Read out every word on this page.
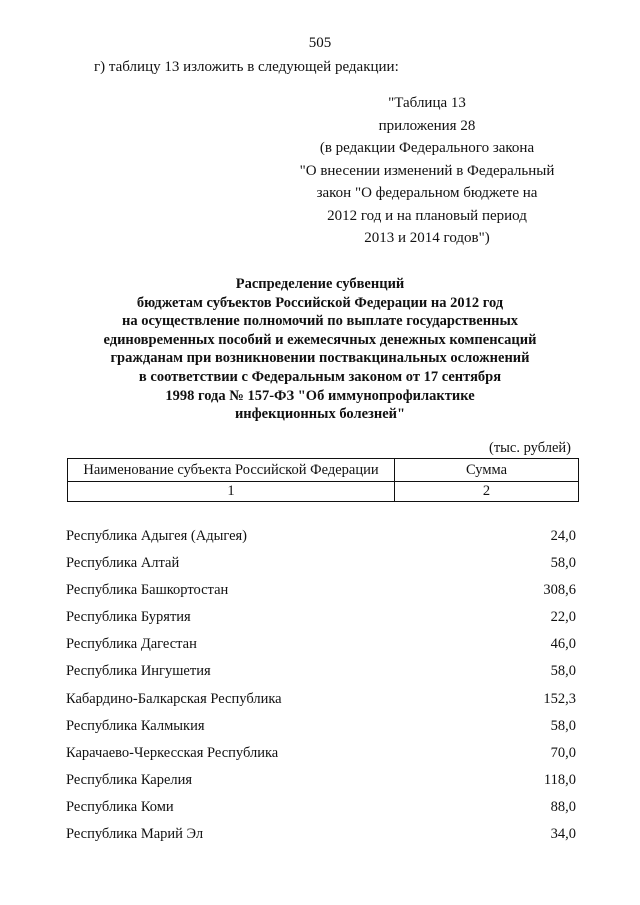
505
г) таблицу 13 изложить в следующей редакции:
"Таблица 13
приложения 28
(в редакции Федерального закона
"О внесении изменений в Федеральный
закон "О федеральном бюджете на
2012 год и на плановый период
2013 и 2014 годов")
Распределение субвенций
бюджетам субъектов Российской Федерации на 2012 год
на осуществление полномочий по выплате государственных
единовременных пособий и ежемесячных денежных компенсаций
гражданам при возникновении поствакцинальных осложнений
в соответствии с Федеральным законом от 17 сентября
1998 года № 157-ФЗ "Об иммунопрофилактике
инфекционных болезней"
(тыс. рублей)
Наименование субъекта Российской Федерации	Сумма
1	2
Республика Адыгея (Адыгея)	24,0
Республика Алтай	58,0
Республика Башкортостан	308,6
Республика Бурятия	22,0
Республика Дагестан	46,0
Республика Ингушетия	58,0
Кабардино-Балкарская Республика	152,3
Республика Калмыкия	58,0
Карачаево-Черкесская Республика	70,0
Республика Карелия	118,0
Республика Коми	88,0
Республика Марий Эл	34,0
